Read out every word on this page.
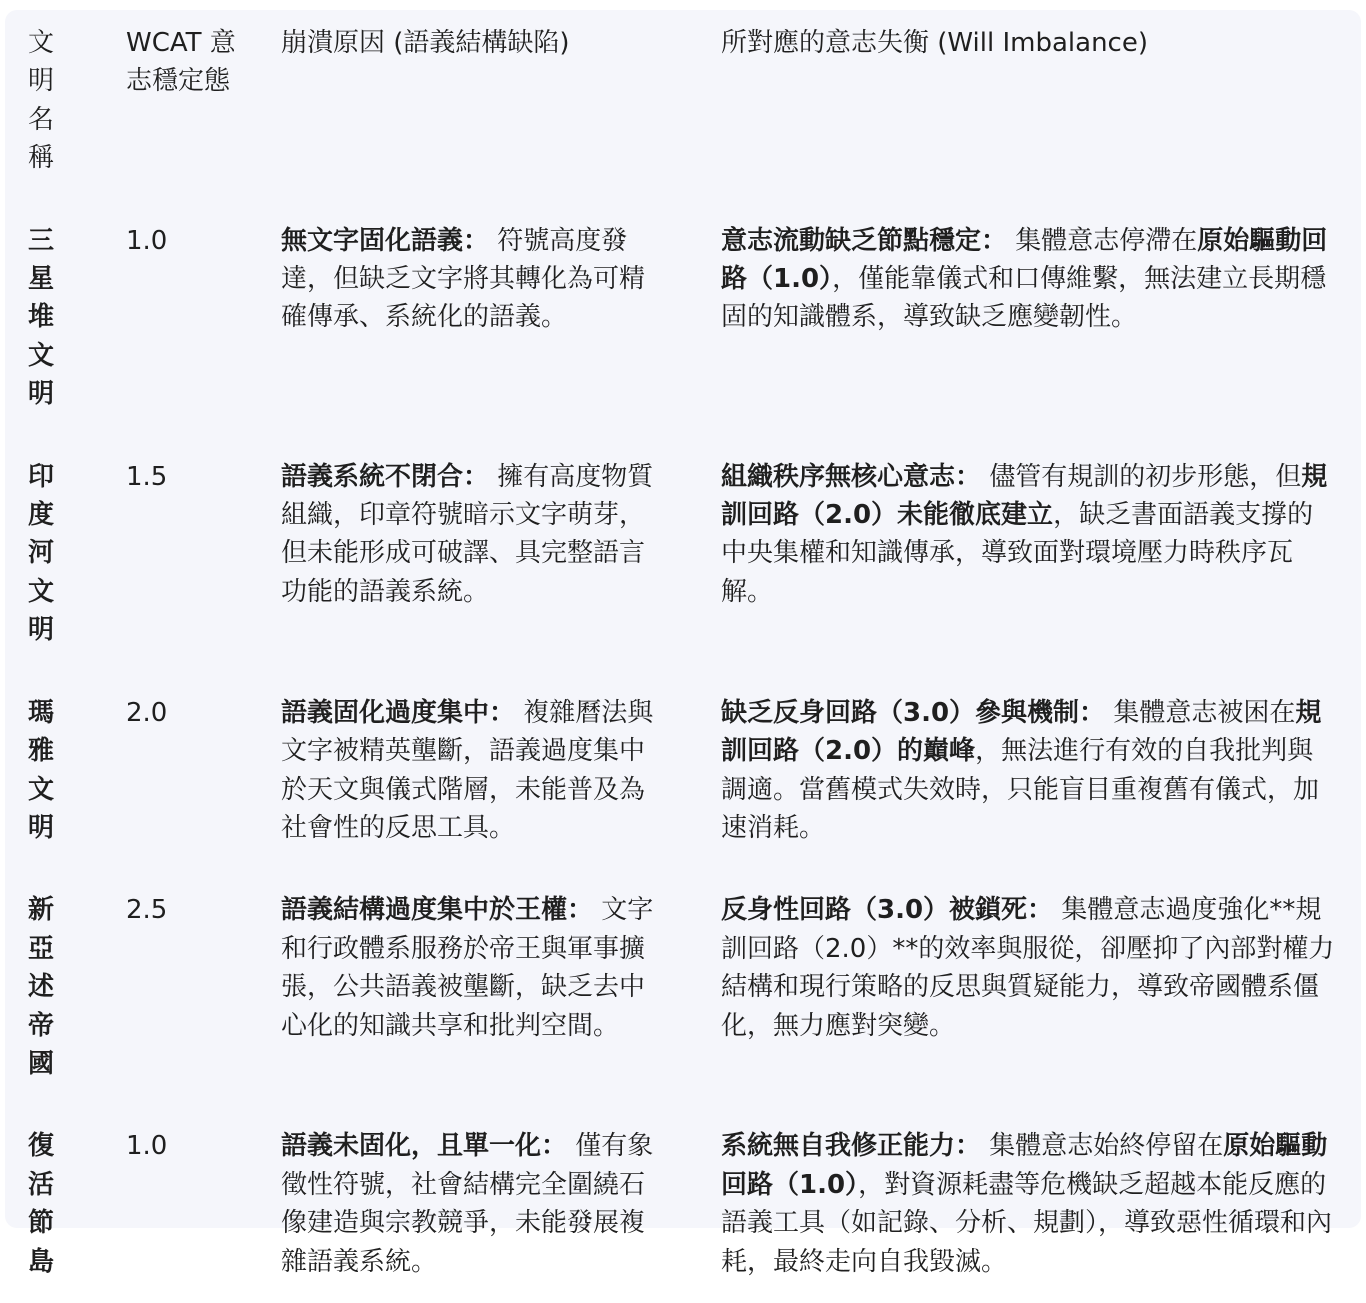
文明名稱	WCAT 意志穩定態	崩潰原因 (語義結構缺陷)	所對應的意志失衡 (Will Imbalance)

三星堆文明	1.0	無文字固化語義： 符號高度發達，但缺乏文字將其轉化為可精確傳承、系統化的語義。	意志流動缺乏節點穩定： 集體意志停滯在原始驅動回路（1.0），僅能靠儀式和口傳維繫，無法建立長期穩固的知識體系，導致缺乏應變韌性。

印度河文明	1.5	語義系統不閉合： 擁有高度物質組織，印章符號暗示文字萌芽，但未能形成可破譯、具完整語言功能的語義系統。	組織秩序無核心意志： 儘管有規訓的初步形態，但規訓回路（2.0）未能徹底建立，缺乏書面語義支撐的中央集權和知識傳承，導致面對環境壓力時秩序瓦解。

瑪雅文明	2.0	語義固化過度集中： 複雜曆法與文字被精英壟斷，語義過度集中於天文與儀式階層，未能普及為社會性的反思工具。	缺乏反身回路（3.0）參與機制： 集體意志被困在規訓回路（2.0）的巔峰，無法進行有效的自我批判與調適。當舊模式失效時，只能盲目重複舊有儀式，加速消耗。

新亞述帝國	2.5	語義結構過度集中於王權： 文字和行政體系服務於帝王與軍事擴張，公共語義被壟斷，缺乏去中心化的知識共享和批判空間。	反身性回路（3.0）被鎖死： 集體意志過度強化**規訓回路（2.0）**的效率與服從，卻壓抑了內部對權力結構和現行策略的反思與質疑能力，導致帝國體系僵化，無力應對突變。

復活節島	1.0	語義未固化，且單一化： 僅有象徵性符號，社會結構完全圍繞石像建造與宗教競爭，未能發展複雜語義系統。	系統無自我修正能力： 集體意志始終停留在原始驅動回路（1.0），對資源耗盡等危機缺乏超越本能反應的語義工具（如記錄、分析、規劃），導致惡性循環和內耗，最終走向自我毀滅。
